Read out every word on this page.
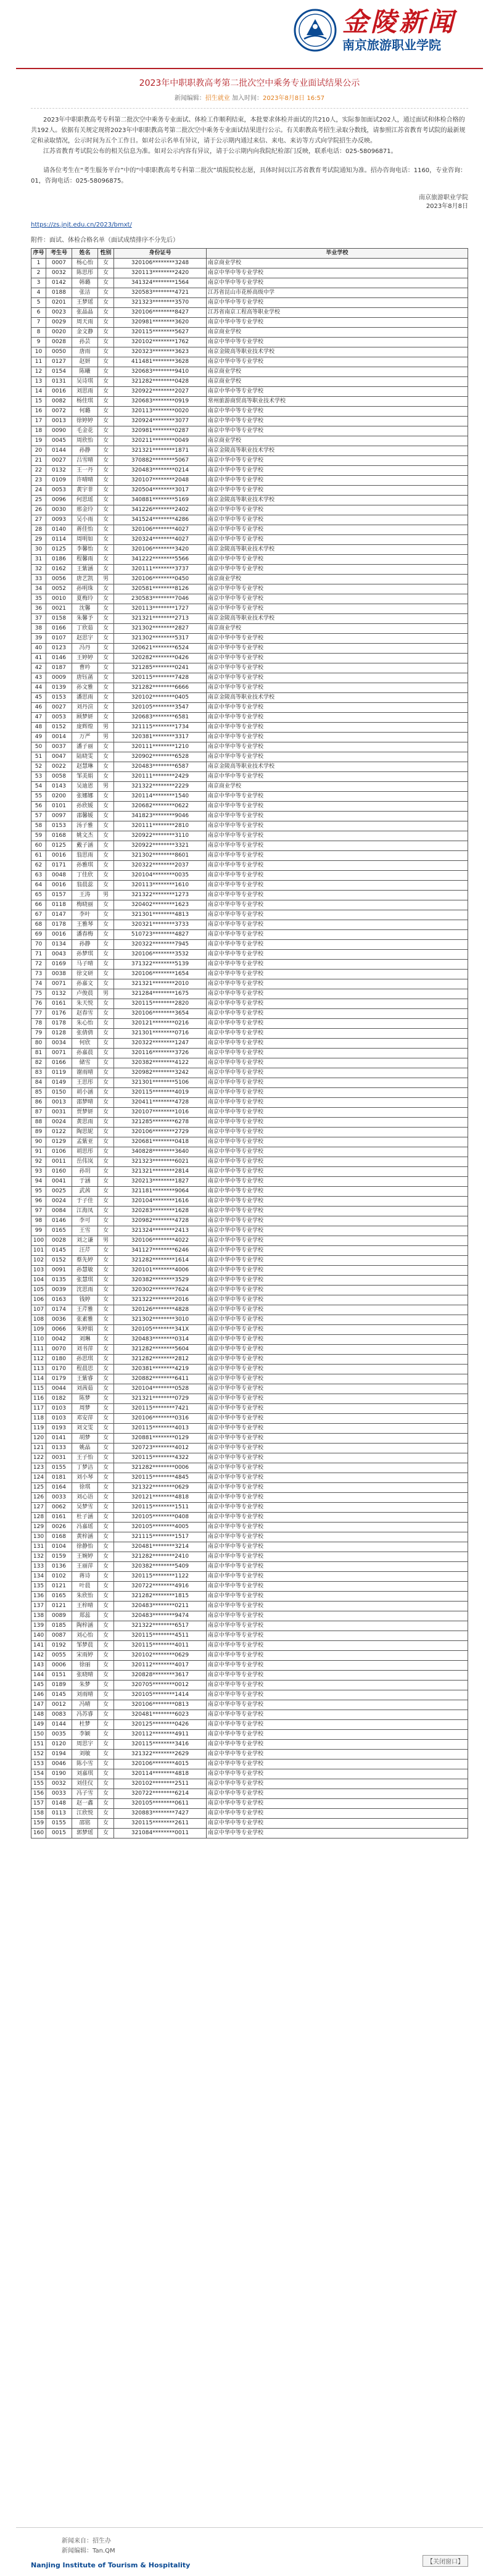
金陵新闻
南京旅游职业学院
2023年中职职教高考第二批次空中乘务专业面试结果公示
新闻编辑：招生就业 加入时间：2023年8月8日 16:57

2023年中职职教高考专科第二批次空中乘务专业面试、体检工作顺利结束，本批要求体检并面试的共210人，实际参加面试202人，通过面试和体检合格的共192人。依据有关规定现将2023年中职职教高考第二批次空中乘务专业面试结果进行公示。有关职教高考招生录取分数线，请参照江苏省教育考试院的最新规定和录取情况，公示时间为五个工作日。如对公示名单有异议，请于公示期内通过来信、来电、来访等方式向学院招生办反映。

江苏省教育考试院公布的相关信息为准。如对公示内容有异议，请于公示期内向我院纪检部门反映，联系电话：025-58096871。

请各位考生在“考生服务平台”中的“中职职教高考专科第二批次”填报院校志愿，具体时间以江苏省教育考试院通知为准。招办咨询电话：1160，专业咨询：01，咨询电话：025-58096875。

南京旅游职业学院
2023年8月8日
https://zs.jnjt.edu.cn/2023/bmxt/
附件：面试、体检合格名单（面试成绩排序不分先后）
序号	考生号	姓名	性别	身份证号	毕业学校
1	0007	杨心怡	女	320106********3248	南京商业学校
2	0032	陈思彤	女	320113********2420	南京中华中等专业学校
3	0142	韩璐	女	341324********1564	南京中华中等专业学校
4	0188	张洁	女	320583********4721	江苏省昆山市花桥高级中学
5	0201	王梦瑶	女	321323********3570	南京中华中等专业学校
6	0023	张晶晶	女	320106********8427	江苏省南京工程高等职业学校
7	0029	周天雨	女	320981********3620	南京中华中等专业学校
8	0020	金文静	女	320115********5627	南京商业学校
9	0028	孙芸	女	320102********1762	南京中华中等专业学校
10	0050	唐雨	女	320323********3623	南京金陵高等职业技术学校
11	0127	赵妍	女	411481********3628	南京中华中等专业学校
12	0154	陈曦	女	320683********9410	南京商业学校
13	0131	吴诗琪	女	321282********0428	南京商业学校
14	0016	刘思雨	女	320922********2027	南京中华中等专业学校
15	0082	杨佳琪	女	320683********0919	常州旅游商贸高等职业技术学校
16	0072	何璐	女	320113********0020	南京中华中等专业学校
17	0013	徐婷婷	女	320924********3077	南京中华中等专业学校
18	0090	毛金花	女	320981********0287	南京中华中等专业学校
19	0045	周欣怡	女	320211********0049	南京商业学校
20	0144	孙静	女	321321********1871	南京金陵高等职业技术学校
21	0027	吕雪晴	女	370882********5067	南京中华中等专业学校
22	0132	王一丹	女	320483********0214	南京中华中等专业学校
23	0109	许晴晴	女	320107********2048	南京中华中等专业学校
24	0053	黄宇菲	女	320504********3017	南京中华中等专业学校
25	0096	何思瑶	女	340881********5169	南京金陵高等职业技术学校
26	0030	邢金玲	女	341226********2402	南京中华中等专业学校
27	0093	吴小雨	女	341524********4286	南京中华中等专业学校
28	0140	蒋佳怡	女	320106********4027	南京中华中等专业学校
29	0114	周明如	女	320324********4027	南京中华中等专业学校
30	0125	李馨怡	女	320106********3420	南京金陵高等职业技术学校
31	0186	程馨雨	女	341222********5566	南京中华中等专业学校
32	0162	王紫涵	女	320111********3737	南京中华中等专业学校
33	0056	唐艺凯	男	320106********0450	南京商业学校
34	0052	孙明珠	女	320581********8126	南京中华中等专业学校
35	0010	夏梅玲	女	230583********7046	南京中华中等专业学校
36	0021	沈馨	女	320113********1727	南京中华中等专业学校
37	0158	朱馨予	女	321321********2713	南京金陵高等职业技术学校
38	0166	丁欣茹	女	321302********2827	南京商业学校
39	0107	赵思宇	女	321302********5317	南京中华中等专业学校
40	0123	冯丹	女	320621********6524	南京中华中等专业学校
41	0146	王婷婷	女	320282********0426	南京中华中等专业学校
42	0187	曹吟	女	321285********0241	南京中华中等专业学校
43	0009	唐钰菡	女	320115********7428	南京中华中等专业学校
44	0139	孙文雅	女	321282********6666	南京中华中等专业学校
45	0153	潘思雨	女	320102********0405	南京金陵高等职业技术学校
46	0027	刘丹渲	女	320105********3547	南京中华中等专业学校
47	0053	顾梦妍	女	320683********6581	南京中华中等专业学校
48	0152	庞辉煌	男	321115********1734	南京中华中等专业学校
49	0014	万严	男	320381********3317	南京中华中等专业学校
50	0037	潘子丽	女	320111********1210	南京中华中等专业学校
51	0047	陆晓雯	女	320902********6528	南京中华中等专业学校
52	0022	赵慧琳	女	320483********6587	南京金陵高等职业技术学校
53	0058	邹美娟	女	320111********2429	南京中华中等专业学校
54	0143	吴迪恩	男	321322********2229	南京商业学校
55	0200	张娜娜	女	320114********1540	南京中华中等专业学校
56	0101	孙欣媛	女	320682********0622	南京中华中等专业学校
57	0097	邵馨媛	女	341823********9046	南京中华中等专业学校
58	0153	汤子雅	女	320111********2810	南京中华中等专业学校
59	0168	姚文杰	女	320922********3110	南京中华中等专业学校
60	0125	戴子涵	女	320922********3321	南京中华中等专业学校
61	0016	翁思雨	女	321302********8601	南京中华中等专业学校
62	0171	孙雅琪	女	320322********2037	南京中华中等专业学校
63	0048	丁佳欣	女	320104********0035	南京中华中等专业学校
64	0016	翁晨蕊	女	320113********1610	南京中华中等专业学校
65	0157	王涛	男	321322********1273	南京中华中等专业学校
66	0118	梅晓丽	女	320402********1623	南京中华中等专业学校
67	0147	李叶	女	321301********4813	南京中华中等专业学校
68	0178	王雅琴	女	320321********3733	南京中华中等专业学校
69	0016	潘春梅	女	510723********4827	南京中华中等专业学校
70	0134	孙静	女	320322********7945	南京中华中等专业学校
71	0043	孙梦琪	女	320106********3532	南京中华中等专业学校
72	0169	马子晴	女	371322********5139	南京中华中等专业学校
73	0038	徐文研	女	320106********1654	南京中华中等专业学校
74	0071	孙嘉文	女	321321********2010	南京中华中等专业学校
75	0132	卢俊晨	男	321284********1675	南京中华中等专业学校
76	0161	朱天悦	女	320115********2820	南京中华中等专业学校
77	0176	赵春雪	女	320106********3654	南京中华中等专业学校
78	0178	朱心怡	女	320121********0216	南京中华中等专业学校
79	0128	张倩倩	女	321301********0716	南京中华中等专业学校
80	0034	何欣	女	320322********1247	南京中华中等专业学校
81	0071	孙嘉晨	女	320116********3726	南京中华中等专业学校
82	0166	储雪	女	320382********4122	南京中华中等专业学校
83	0119	谢雨晴	女	320982********3242	南京中华中等专业学校
84	0149	王思彤	女	321301********5106	南京中华中等专业学校
85	0150	胡小涵	女	320115********4019	南京中华中等专业学校
86	0013	邵梦晴	女	320411********4728	南京中华中等专业学校
87	0031	贾梦妍	女	320107********1016	南京中华中等专业学校
88	0024	黄思雨	女	321285********6278	南京中华中等专业学校
89	0122	陶思妮	女	320106********2729	南京中华中等专业学校
90	0129	孟紫亚	女	320681********0418	南京中华中等专业学校
91	0106	胡思彤	女	340828********3640	南京中华中等专业学校
92	0011	岳伟岚	女	321323********6021	南京中华中等专业学校
93	0160	孙玥	女	321321********2814	南京中华中等专业学校
94	0041	于涵	女	320213********1827	南京中华中等专业学校
95	0025	武茜	女	321181********9064	南京中华中等专业学校
96	0024	于子佳	女	320104********1616	南京中华中等专业学校
97	0084	江海凤	女	320283********1628	南京中华中等专业学校
98	0146	李可	女	320982********4728	南京中华中等专业学校
99	0165	王雪	女	321324********2413	南京中华中等专业学校
100	0028	刘之谦	男	320106********4022	南京中华中等专业学校
101	0145	汪芹	女	341127********6246	南京中华中等专业学校
102	0152	蔡先婷	女	321282********1614	南京中华中等专业学校
103	0091	孙慧敏	女	320101********4006	南京中华中等专业学校
104	0135	张慧琪	女	320382********3529	南京中华中等专业学校
105	0039	沈思雨	女	320302********7624	南京中华中等专业学校
106	0163	钱婷	女	321322********2016	南京中华中等专业学校
107	0174	王芹雅	女	320126********4828	南京中华中等专业学校
108	0036	张素雅	女	321302********3010	南京中华中等专业学校
109	0066	朱婷娟	女	320105********341X	南京中华中等专业学校
110	0042	刘琳	女	320483********0314	南京中华中等专业学校
111	0070	刘书萍	女	321282********5604	南京中华中等专业学校
112	0180	孙思琪	女	321282********2812	南京中华中等专业学校
113	0170	程晨思	女	320381********4219	南京中华中等专业学校
114	0179	王紫睿	女	320882********6411	南京中华中等专业学校
115	0044	刘茜茹	女	320104********0528	南京中华中等专业学校
116	0182	陈梦	女	321321********0729	南京中华中等专业学校
117	0103	周梦	女	320115********7421	南京中华中等专业学校
118	0103	邓安萍	女	320106********0316	南京中华中等专业学校
119	0193	刘文雯	女	320115********4013	南京中华中等专业学校
120	0141	胡梦	女	320881********0129	南京中华中等专业学校
121	0133	姚晶	女	320723********4012	南京中华中等专业学校
122	0031	王子怡	女	320115********4322	南京中华中等专业学校
123	0155	丁梦洁	女	321282********0006	南京中华中等专业学校
124	0181	刘小琴	女	320115********4845	南京中华中等专业学校
125	0164	徐琪	女	321322********0629	南京中华中等专业学校
126	0033	刘心语	女	320121********4818	南京中华中等专业学校
127	0062	吴梦雪	女	320115********1511	南京中华中等专业学校
128	0161	杜子涵	女	320105********0408	南京中华中等专业学校
129	0026	冯嘉瑶	女	320105********4005	南京中华中等专业学校
130	0168	黄梓涵	女	321115********1517	南京中华中等专业学校
131	0104	徐静怡	女	320481********3214	南京中华中等专业学校
132	0159	王婉婷	女	321282********2410	南京中华中等专业学校
133	0136	王丽萍	女	320382********5409	南京中华中等专业学校
134	0102	蒋诗	女	320115********1122	南京中华中等专业学校
135	0121	叶晨	女	320722********4916	南京中华中等专业学校
136	0165	朱欣怡	女	321282********1815	南京中华中等专业学校
137	0121	王梓晴	女	320483********0211	南京中华中等专业学校
138	0089	郑蕊	女	320483********9474	南京中华中等专业学校
139	0185	陶梓涵	女	321322********6517	南京中华中等专业学校
140	0087	刘心怡	女	320115********4511	南京中华中等专业学校
141	0192	邹梦晨	女	320115********4011	南京中华中等专业学校
142	0055	宋雨婷	女	320102********0629	南京中华中等专业学校
143	0006	徐丽	女	320112********4017	南京中华中等专业学校
144	0151	张晓晴	女	320828********3617	南京中华中等专业学校
145	0189	朱梦	女	320705********0012	南京中华中等专业学校
146	0145	刘雨晴	女	320105********1414	南京中华中等专业学校
147	0012	冯晴	女	320106********0813	南京中华中等专业学校
148	0083	冯苏睿	女	320481********6023	南京中华中等专业学校
149	0144	杜梦	女	320125********0426	南京中华中等专业学校
150	0035	李颖	女	320112********4911	南京中华中等专业学校
151	0120	周思宇	女	320115********3416	南京中华中等专业学校
152	0194	刘敏	女	321322********2629	南京中华中等专业学校
153	0046	陈小雪	女	320106********4015	南京中华中等专业学校
154	0190	刘嘉琪	女	320114********4818	南京中华中等专业学校
155	0032	刘佳仪	女	320102********2511	南京中华中等专业学校
156	0033	冯子雪	女	320722********6214	南京中华中等专业学校
157	0148	赵一鑫	女	320105********0611	南京中华中等专业学校
158	0113	江欣悦	女	320883********7427	南京中华中等专业学校
159	0155	邵铭	女	320115********2611	南京中华中等专业学校
160	0015	郭梦瑶	女	321084********0011	南京中华中等专业学校
新闻来自：招生办
新闻编辑：Tan.QM
Nanjing Institute of Tourism & Hospitality	【关闭窗口】
